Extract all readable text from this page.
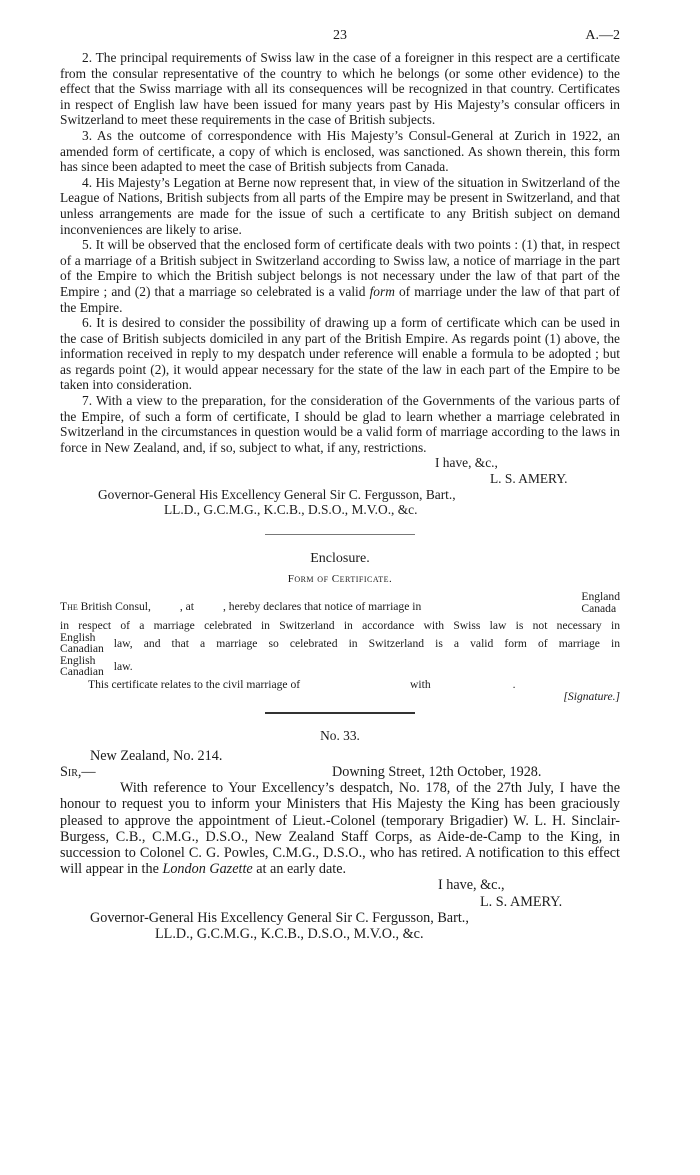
23	A.—2

2. The principal requirements of Swiss law in the case of a foreigner in this respect are a certificate from the consular representative of the country to which he belongs (or some other evidence) to the effect that the Swiss marriage with all its consequences will be recognized in that country. Certificates in respect of English law have been issued for many years past by His Majesty’s consular officers in Switzerland to meet these requirements in the case of British subjects.

3. As the outcome of correspondence with His Majesty’s Consul-General at Zurich in 1922, an amended form of certificate, a copy of which is enclosed, was sanctioned. As shown therein, this form has since been adapted to meet the case of British subjects from Canada.

4. His Majesty’s Legation at Berne now represent that, in view of the situation in Switzerland of the League of Nations, British subjects from all parts of the Empire may be present in Switzerland, and that unless arrangements are made for the issue of such a certificate to any British subject on demand inconveniences are likely to arise.

5. It will be observed that the enclosed form of certificate deals with two points : (1) that, in respect of a marriage of a British subject in Switzerland according to Swiss law, a notice of marriage in the part of the Empire to which the British subject belongs is not necessary under the law of that part of the Empire ; and (2) that a marriage so celebrated is a valid form of marriage under the law of that part of the Empire.

6. It is desired to consider the possibility of drawing up a form of certificate which can be used in the case of British subjects domiciled in any part of the British Empire. As regards point (1) above, the information received in reply to my despatch under reference will enable a formula to be adopted ; but as regards point (2), it would appear necessary for the state of the law in each part of the Empire to be taken into consideration.

7. With a view to the preparation, for the consideration of the Governments of the various parts of the Empire, of such a form of certificate, I should be glad to learn whether a marriage celebrated in Switzerland in the circumstances in question would be a valid form of marriage according to the laws in force in New Zealand, and, if so, subject to what, if any, restrictions.

I have, &c.,
L. S. AMERY.
Governor-General His Excellency General Sir C. Fergusson, Bart.,
LL.D., G.C.M.G., K.C.B., D.S.O., M.V.O., &c.
Enclosure.
Form of Certificate.
The British Consul,          , at          , hereby declares that notice of marriage in
England
Canada
in respect of a marriage celebrated in Switzerland in accordance with Swiss law is not necessary in
English
Canadian law, and that a marriage so celebrated in Switzerland is a valid form of marriage in
English
Canadian law.
This certificate relates to the civil marriage of	with	.
[Signature.]
No. 33.
New Zealand, No. 214.
Sir,—	Downing Street, 12th October, 1928.

With reference to Your Excellency’s despatch, No. 178, of the 27th July, I have the honour to request you to inform your Ministers that His Majesty the King has been graciously pleased to approve the appointment of Lieut.-Colonel (temporary Brigadier) W. L. H. Sinclair-Burgess, C.B., C.M.G., D.S.O., New Zealand Staff Corps, as Aide-de-Camp to the King, in succession to Colonel C. G. Powles, C.M.G., D.S.O., who has retired. A notification to this effect will appear in the London Gazette at an early date.

I have, &c.,
L. S. AMERY.
Governor-General His Excellency General Sir C. Fergusson, Bart.,
LL.D., G.C.M.G., K.C.B., D.S.O., M.V.O., &c.
